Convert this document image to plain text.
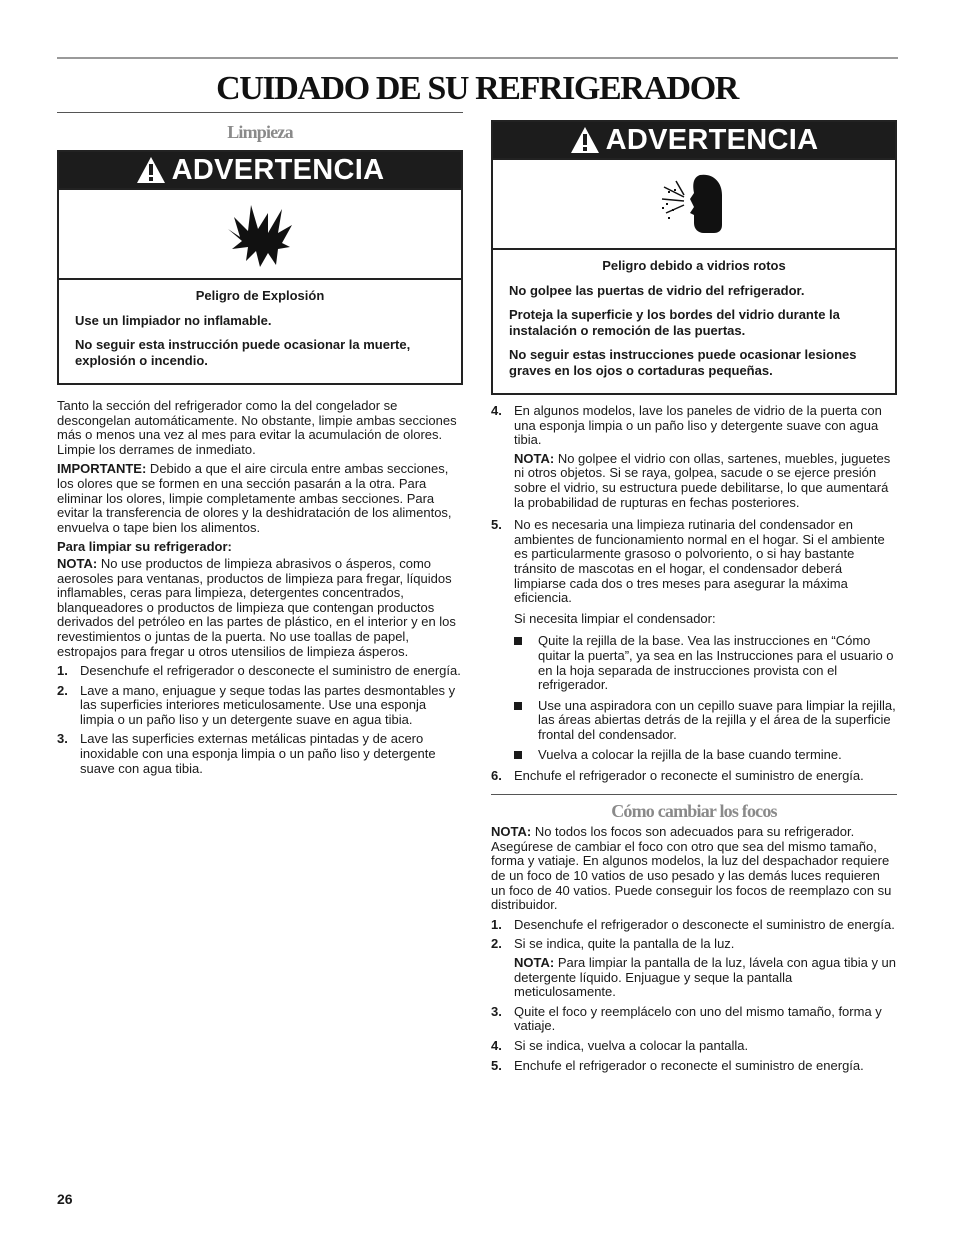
CUIDADO DE SU REFRIGERADOR
Limpieza
ADVERTENCIA

Peligro de Explosión

Use un limpiador no inflamable.

No seguir esta instrucción puede ocasionar la muerte, explosión o incendio.

Tanto la sección del refrigerador como la del congelador se descongelan automáticamente. No obstante, limpie ambas secciones más o menos una vez al mes para evitar la acumulación de olores. Limpie los derrames de inmediato.

IMPORTANTE: Debido a que el aire circula entre ambas secciones, los olores que se formen en una sección pasarán a la otra. Para eliminar los olores, limpie completamente ambas secciones. Para evitar la transferencia de olores y la deshidratación de los alimentos, envuelva o tape bien los alimentos.

Para limpiar su refrigerador:

NOTA: No use productos de limpieza abrasivos o ásperos, como aerosoles para ventanas, productos de limpieza para fregar, líquidos inflamables, ceras para limpieza, detergentes concentrados, blanqueadores o productos de limpieza que contengan productos derivados del petróleo en las partes de plástico, en el interior y en los revestimientos o juntas de la puerta. No use toallas de papel, estropajos para fregar u otros utensilios de limpieza ásperos.

1. Desenchufe el refrigerador o desconecte el suministro de energía.
2. Lave a mano, enjuague y seque todas las partes desmontables y las superficies interiores meticulosamente. Use una esponja limpia o un paño liso y un detergente suave en agua tibia.
3. Lave las superficies externas metálicas pintadas y de acero inoxidable con una esponja limpia o un paño liso y detergente suave con agua tibia.
ADVERTENCIA

Peligro debido a vidrios rotos

No golpee las puertas de vidrio del refrigerador.

Proteja la superficie y los bordes del vidrio durante la instalación o remoción de las puertas.

No seguir estas instrucciones puede ocasionar lesiones graves en los ojos o cortaduras pequeñas.

4. En algunos modelos, lave los paneles de vidrio de la puerta con una esponja limpia o un paño liso y detergente suave con agua tibia.

NOTA: No golpee el vidrio con ollas, sartenes, muebles, juguetes ni otros objetos. Si se raya, golpea, sacude o se ejerce presión sobre el vidrio, su estructura puede debilitarse, lo que aumentará la probabilidad de rupturas en fechas posteriores.

5. No es necesaria una limpieza rutinaria del condensador en ambientes de funcionamiento normal en el hogar. Si el ambiente es particularmente grasoso o polvoriento, o si hay bastante tránsito de mascotas en el hogar, el condensador deberá limpiarse cada dos o tres meses para asegurar la máxima eficiencia.

Si necesita limpiar el condensador:

Quite la rejilla de la base. Vea las instrucciones en “Cómo quitar la puerta”, ya sea en las Instrucciones para el usuario o en la hoja separada de instrucciones provista con el refrigerador.
Use una aspiradora con un cepillo suave para limpiar la rejilla, las áreas abiertas detrás de la rejilla y el área de la superficie frontal del condensador.
Vuelva a colocar la rejilla de la base cuando termine.
6. Enchufe el refrigerador o reconecte el suministro de energía.
Cómo cambiar los focos

NOTA: No todos los focos son adecuados para su refrigerador. Asegúrese de cambiar el foco con otro que sea del mismo tamaño, forma y vatiaje. En algunos modelos, la luz del despachador requiere de un foco de 10 vatios de uso pesado y las demás luces requieren un foco de 40 vatios. Puede conseguir los focos de reemplazo con su distribuidor.

1. Desenchufe el refrigerador o desconecte el suministro de energía.
2. Si se indica, quite la pantalla de la luz.

NOTA: Para limpiar la pantalla de la luz, lávela con agua tibia y un detergente líquido. Enjuague y seque la pantalla meticulosamente.

3. Quite el foco y reemplácelo con uno del mismo tamaño, forma y vatiaje.
4. Si se indica, vuelva a colocar la pantalla.
5. Enchufe el refrigerador o reconecte el suministro de energía.
26
